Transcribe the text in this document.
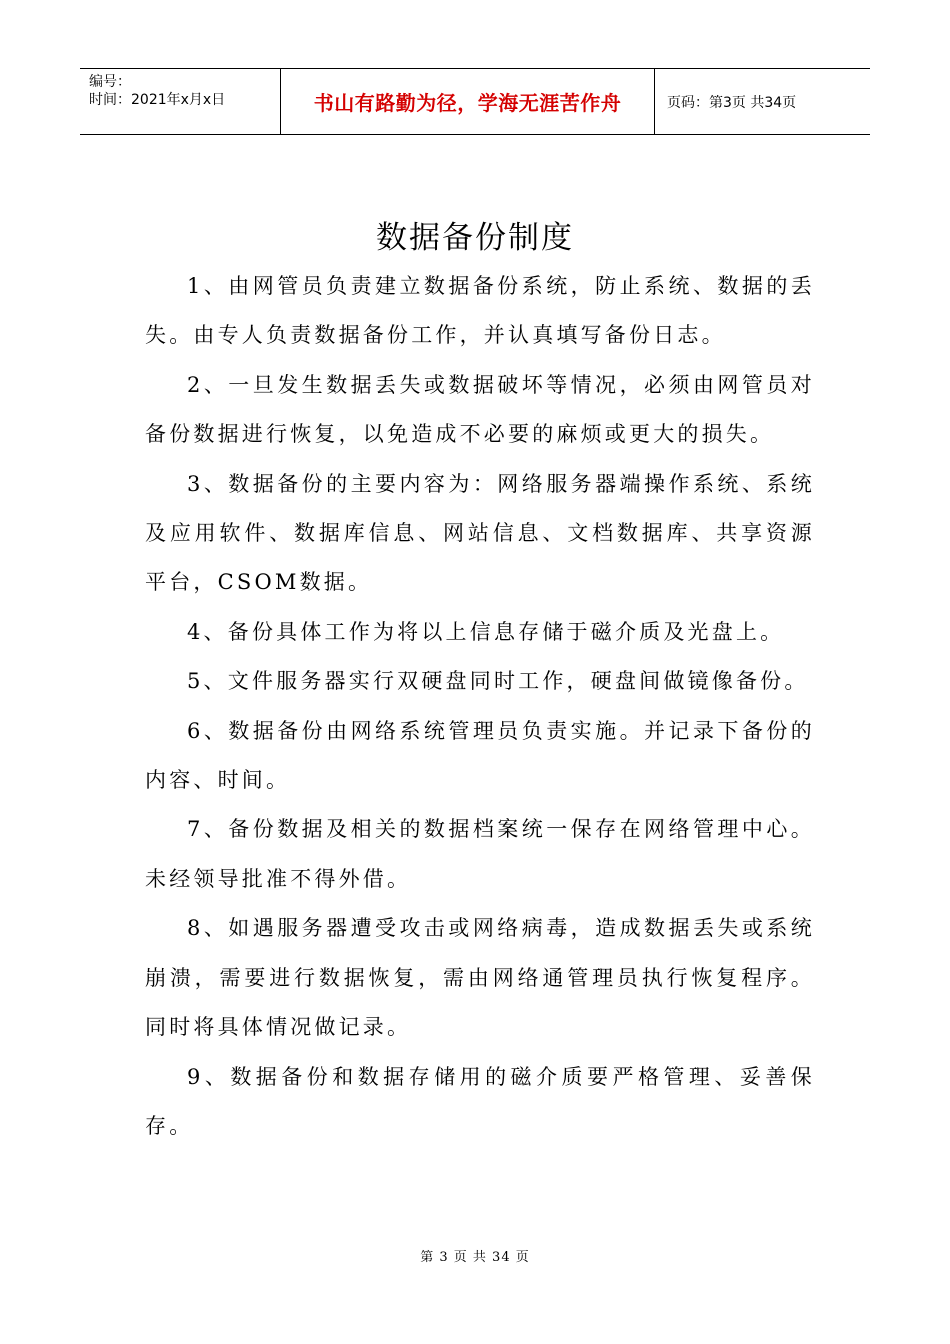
编号：
时间：2021年x月x日	书山有路勤为径，学海无涯苦作舟	页码：第3页 共34页
数据备份制度

1、由网管员负责建立数据备份系统，防止系统、数据的丢失。由专人负责数据备份工作，并认真填写备份日志。

2、一旦发生数据丢失或数据破坏等情况，必须由网管员对备份数据进行恢复，以免造成不必要的麻烦或更大的损失。

3、数据备份的主要内容为：网络服务器端操作系统、系统及应用软件、数据库信息、网站信息、文档数据库、共享资源平台，CSOM数据。

4、备份具体工作为将以上信息存储于磁介质及光盘上。

5、文件服务器实行双硬盘同时工作，硬盘间做镜像备份。

6、数据备份由网络系统管理员负责实施。并记录下备份的内容、时间。

7、备份数据及相关的数据档案统一保存在网络管理中心。未经领导批准不得外借。

8、如遇服务器遭受攻击或网络病毒，造成数据丢失或系统崩溃，需要进行数据恢复，需由网络通管理员执行恢复程序。同时将具体情况做记录。

9、数据备份和数据存储用的磁介质要严格管理、妥善保存。

第 3 页 共 34 页
